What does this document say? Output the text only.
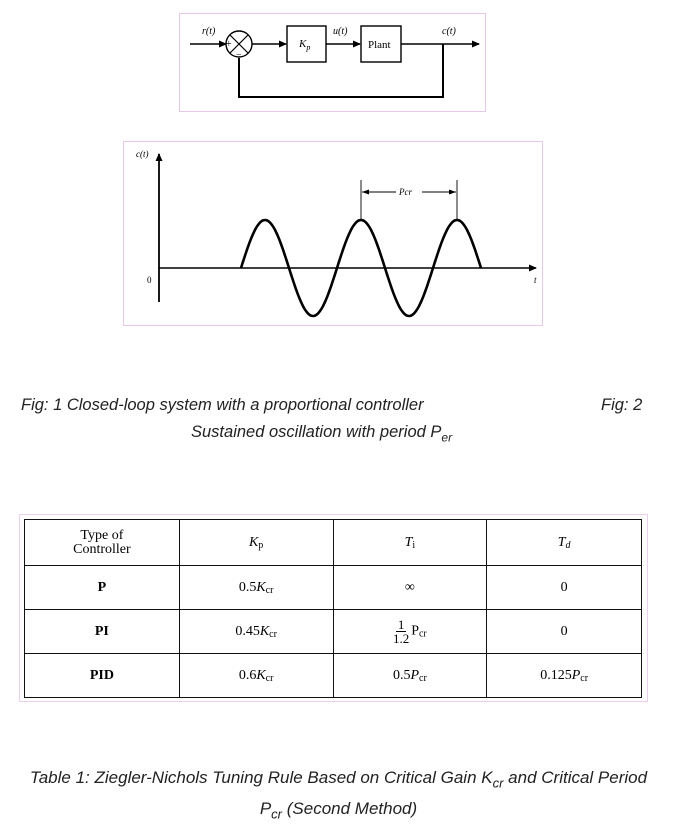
r(t)
+
−
$K_p$
u(t)
Plant
c(t)
c(t)
0	t
Pcr
Fig: 1 Closed-loop system with a proportional controller	Fig: 2
Sustained oscillation with period $P_{er}$
Type of
Controller	$K_p$	$T_i$	$T_d$
P	$0.5K_{cr}$	∞	0
PI	$0.45K_{cr}$	$\frac{1}{1.2} P_{cr}$	0
PID	$0.6K_{cr}$	$0.5P_{cr}$	$0.125P_{cr}$
Table 1: Ziegler-Nichols Tuning Rule Based on Critical Gain $K_{cr}$ and Critical Period
$P_{cr}$ (Second Method)
